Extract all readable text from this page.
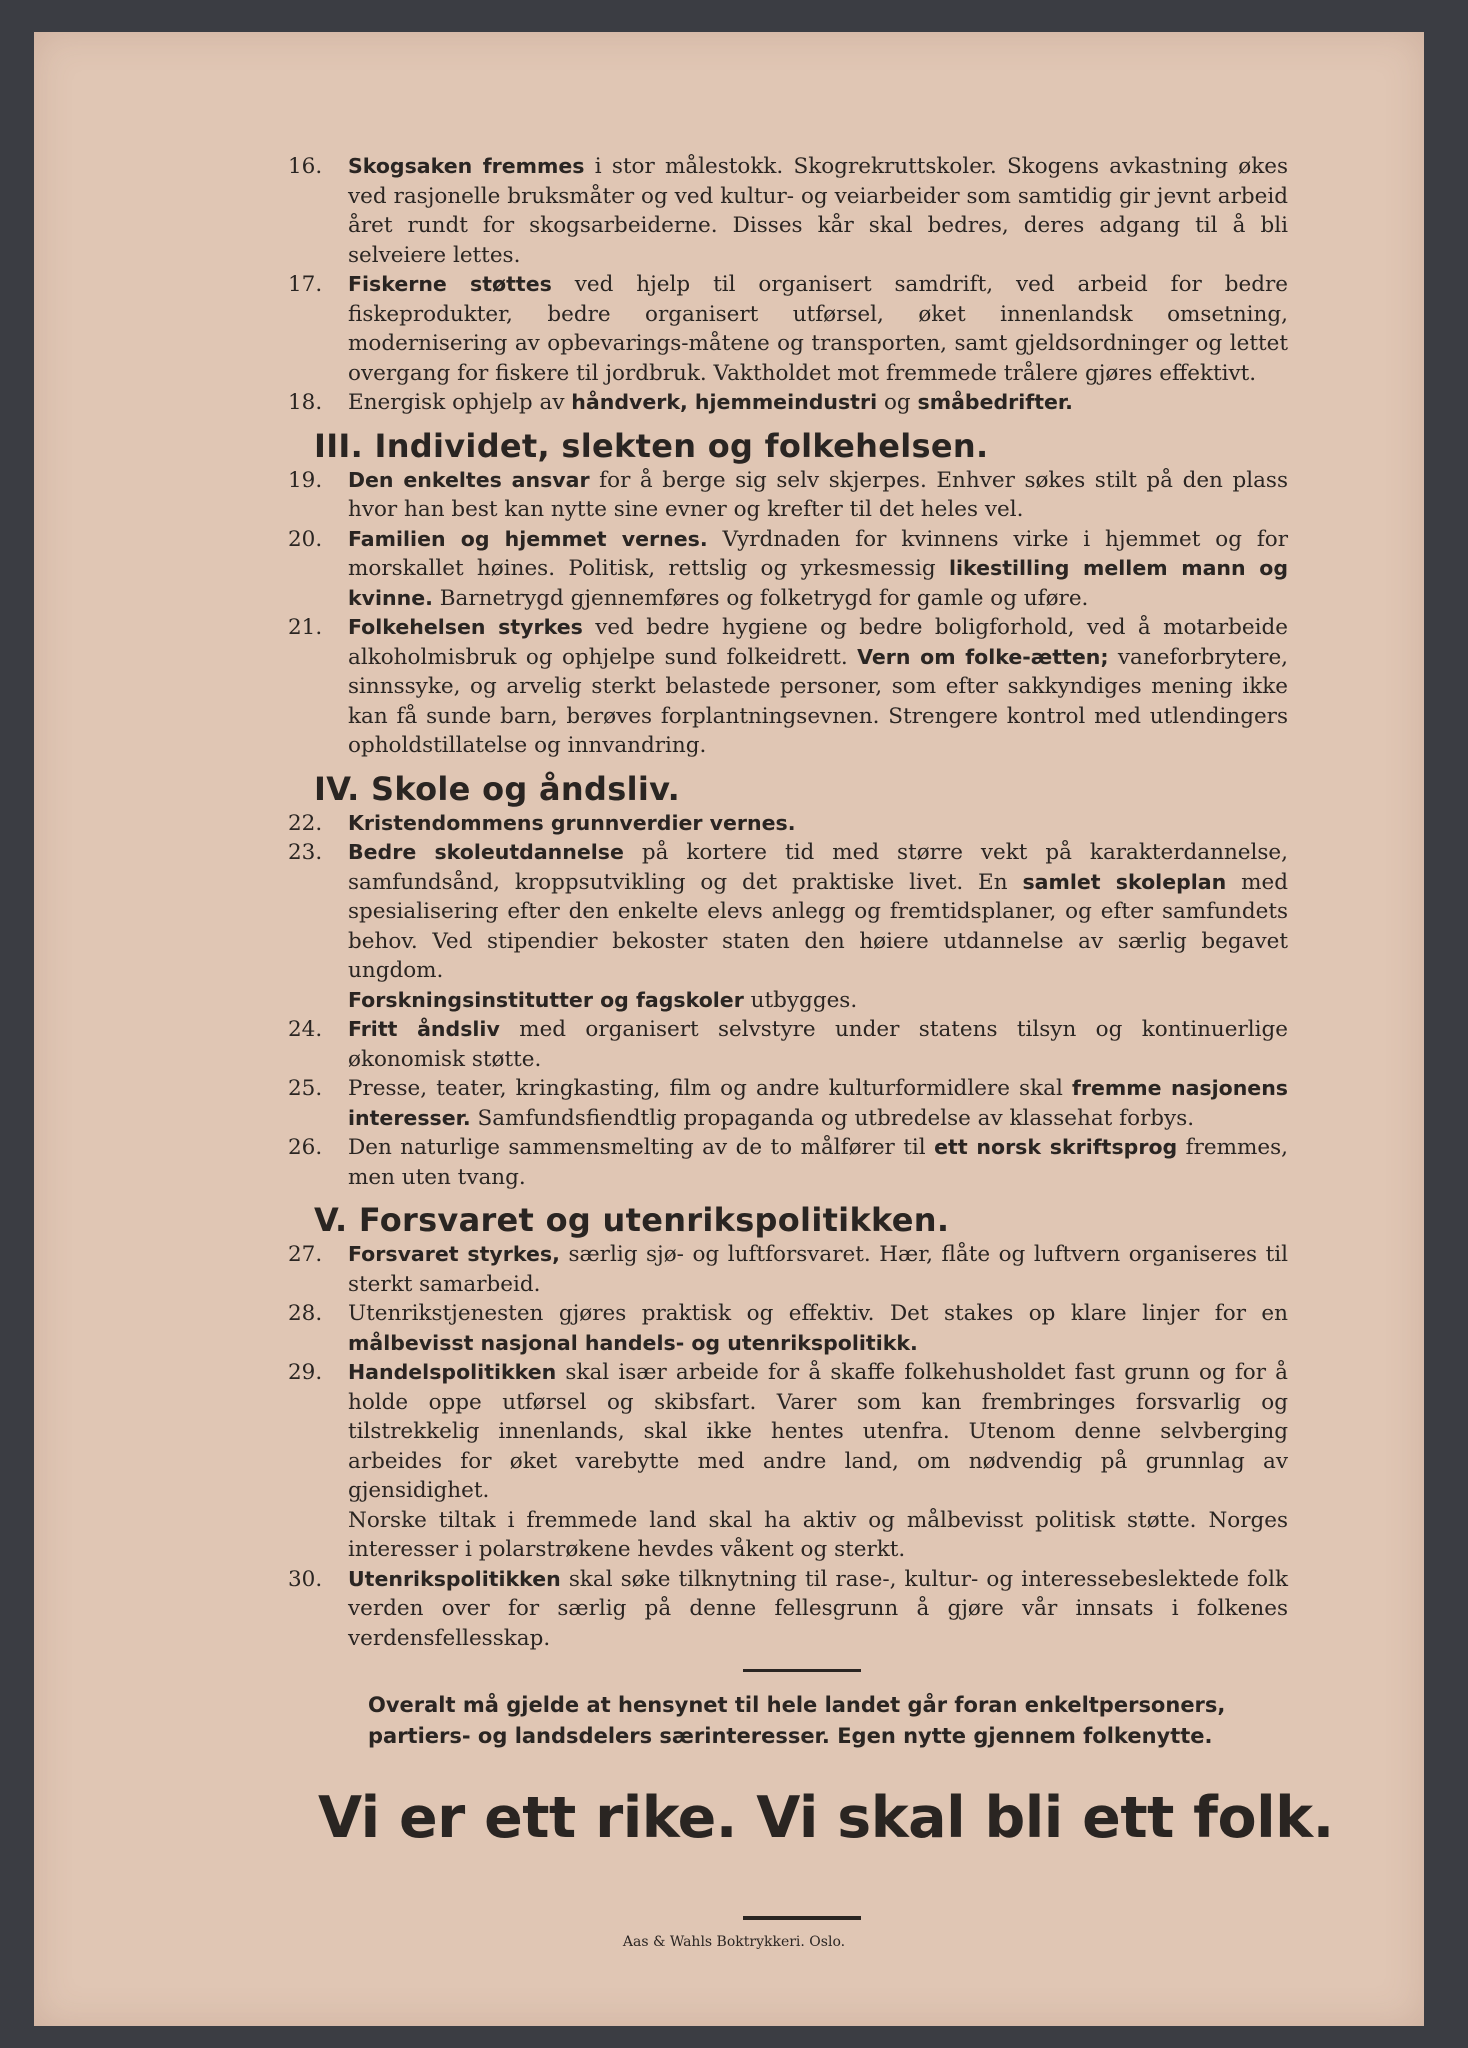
16.	Skogsaken fremmes i stor målestokk. Skogrekruttskoler. Skogens avkastning økes ved rasjonelle bruksmåter og ved kultur- og veiarbeider som samtidig gir jevnt arbeid året rundt for skogsarbeiderne. Disses kår skal bedres, deres adgang til å bli selveiere lettes.
17.	Fiskerne støttes ved hjelp til organisert samdrift, ved arbeid for bedre fiskeprodukter, bedre organisert utførsel, øket innenlandsk omsetning, modernisering av opbevarings-måtene og transporten, samt gjeldsordninger og lettet overgang for fiskere til jordbruk. Vaktholdet mot fremmede trålere gjøres effektivt.
18.	Energisk ophjelp av håndverk, hjemmeindustri og småbedrifter.
III. Individet, slekten og folkehelsen.
19.	Den enkeltes ansvar for å berge sig selv skjerpes. Enhver søkes stilt på den plass hvor han best kan nytte sine evner og krefter til det heles vel.
20.	Familien og hjemmet vernes. Vyrdnaden for kvinnens virke i hjemmet og for morskallet høines. Politisk, rettslig og yrkesmessig likestilling mellem mann og kvinne. Barnetrygd gjennemføres og folketrygd for gamle og uføre.
21.	Folkehelsen styrkes ved bedre hygiene og bedre boligforhold, ved å motarbeide alkoholmisbruk og ophjelpe sund folkeidrett. Vern om folke-ætten; vaneforbrytere, sinnssyke, og arvelig sterkt belastede personer, som efter sakkyndiges mening ikke kan få sunde barn, berøves forplantningsevnen. Strengere kontrol med utlendingers opholdstillatelse og innvandring.
IV. Skole og åndsliv.
22.	Kristendommens grunnverdier vernes.
23.	Bedre skoleutdannelse på kortere tid med større vekt på karakterdannelse, samfundsånd, kroppsutvikling og det praktiske livet. En samlet skoleplan med spesialisering efter den enkelte elevs anlegg og fremtidsplaner, og efter samfundets behov. Ved stipendier bekoster staten den høiere utdannelse av særlig begavet ungdom.
Forskningsinstitutter og fagskoler utbygges.
24.	Fritt åndsliv med organisert selvstyre under statens tilsyn og kontinuerlige økonomisk støtte.
25.	Presse, teater, kringkasting, film og andre kulturformidlere skal fremme nasjonens interesser. Samfundsfiendtlig propaganda og utbredelse av klassehat forbys.
26.	Den naturlige sammensmelting av de to målfører til ett norsk skriftsprog fremmes, men uten tvang.
V. Forsvaret og utenrikspolitikken.
27.	Forsvaret styrkes, særlig sjø- og luftforsvaret. Hær, flåte og luftvern organiseres til sterkt samarbeid.
28.	Utenrikstjenesten gjøres praktisk og effektiv. Det stakes op klare linjer for en målbevisst nasjonal handels- og utenrikspolitikk.
29.	Handelspolitikken skal især arbeide for å skaffe folkehusholdet fast grunn og for å holde oppe utførsel og skibsfart. Varer som kan frembringes forsvarlig og tilstrekkelig innenlands, skal ikke hentes utenfra. Utenom denne selvberging arbeides for øket varebytte med andre land, om nødvendig på grunnlag av gjensidighet.
Norske tiltak i fremmede land skal ha aktiv og målbevisst politisk støtte. Norges interesser i polarstrøkene hevdes våkent og sterkt.
30.	Utenrikspolitikken skal søke tilknytning til rase-, kultur- og interessebeslektede folk verden over for særlig på denne fellesgrunn å gjøre vår innsats i folkenes verdensfellesskap.
Overalt må gjelde at hensynet til hele landet går foran enkeltpersoners, partiers- og landsdelers særinteresser. Egen nytte gjennem folkenytte.
Vi er ett rike. Vi skal bli ett folk.
Aas & Wahls Boktrykkeri. Oslo.
